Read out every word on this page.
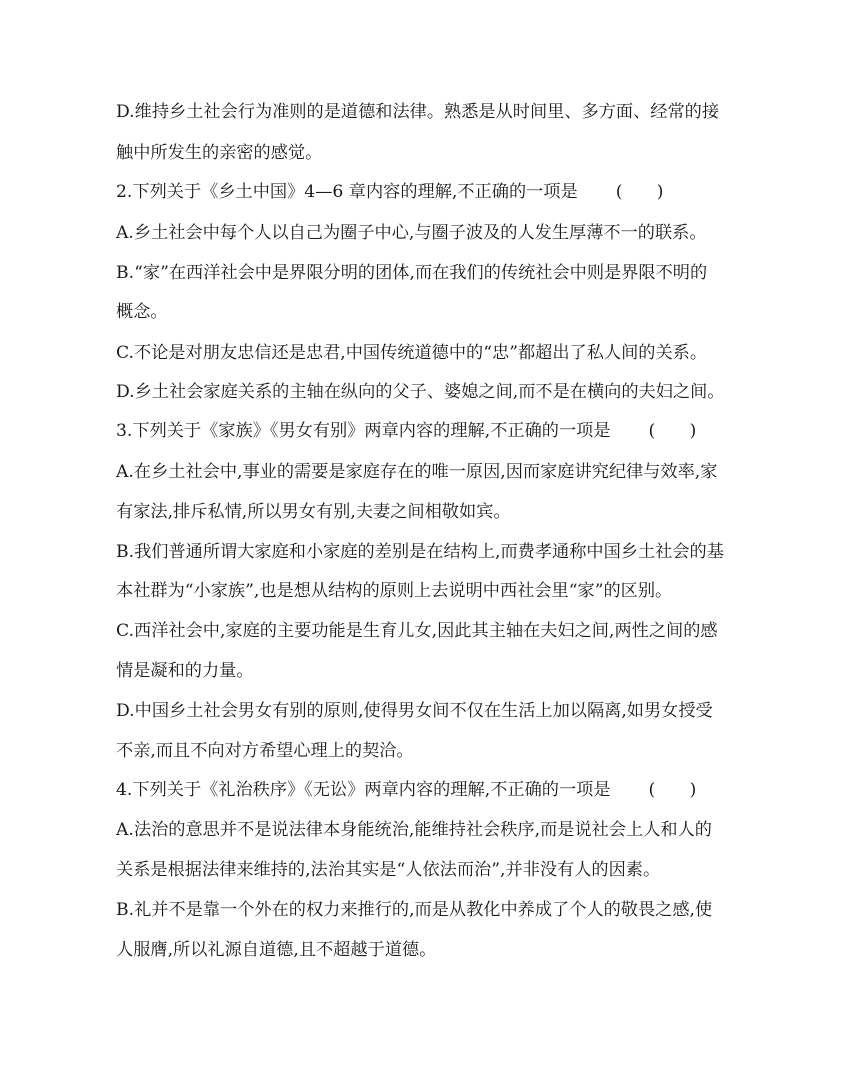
D.维持乡土社会行为准则的是道德和法律。熟悉是从时间里、多方面、经常的接
触中所发生的亲密的感觉。
2.下列关于《乡土中国》4—6 章内容的理解,不正确的一项是 (　　)
A.乡土社会中每个人以自己为圈子中心,与圈子波及的人发生厚薄不一的联系。
B.“家”在西洋社会中是界限分明的团体,而在我们的传统社会中则是界限不明的
概念。
C.不论是对朋友忠信还是忠君,中国传统道德中的“忠”都超出了私人间的关系。
D.乡土社会家庭关系的主轴在纵向的父子、婆媳之间,而不是在横向的夫妇之间。
3.下列关于《家族》《男女有别》两章内容的理解,不正确的一项是 (　　)
A.在乡土社会中,事业的需要是家庭存在的唯一原因,因而家庭讲究纪律与效率,家
有家法,排斥私情,所以男女有别,夫妻之间相敬如宾。
B.我们普通所谓大家庭和小家庭的差别是在结构上,而费孝通称中国乡土社会的基
本社群为“小家族”,也是想从结构的原则上去说明中西社会里“家”的区别。
C.西洋社会中,家庭的主要功能是生育儿女,因此其主轴在夫妇之间,两性之间的感
情是凝和的力量。
D.中国乡土社会男女有别的原则,使得男女间不仅在生活上加以隔离,如男女授受
不亲,而且不向对方希望心理上的契洽。
4.下列关于《礼治秩序》《无讼》两章内容的理解,不正确的一项是 (　　)
A.法治的意思并不是说法律本身能统治,能维持社会秩序,而是说社会上人和人的
关系是根据法律来维持的,法治其实是“人依法而治”,并非没有人的因素。
B.礼并不是靠一个外在的权力来推行的,而是从教化中养成了个人的敬畏之感,使
人服膺,所以礼源自道德,且不超越于道德。
